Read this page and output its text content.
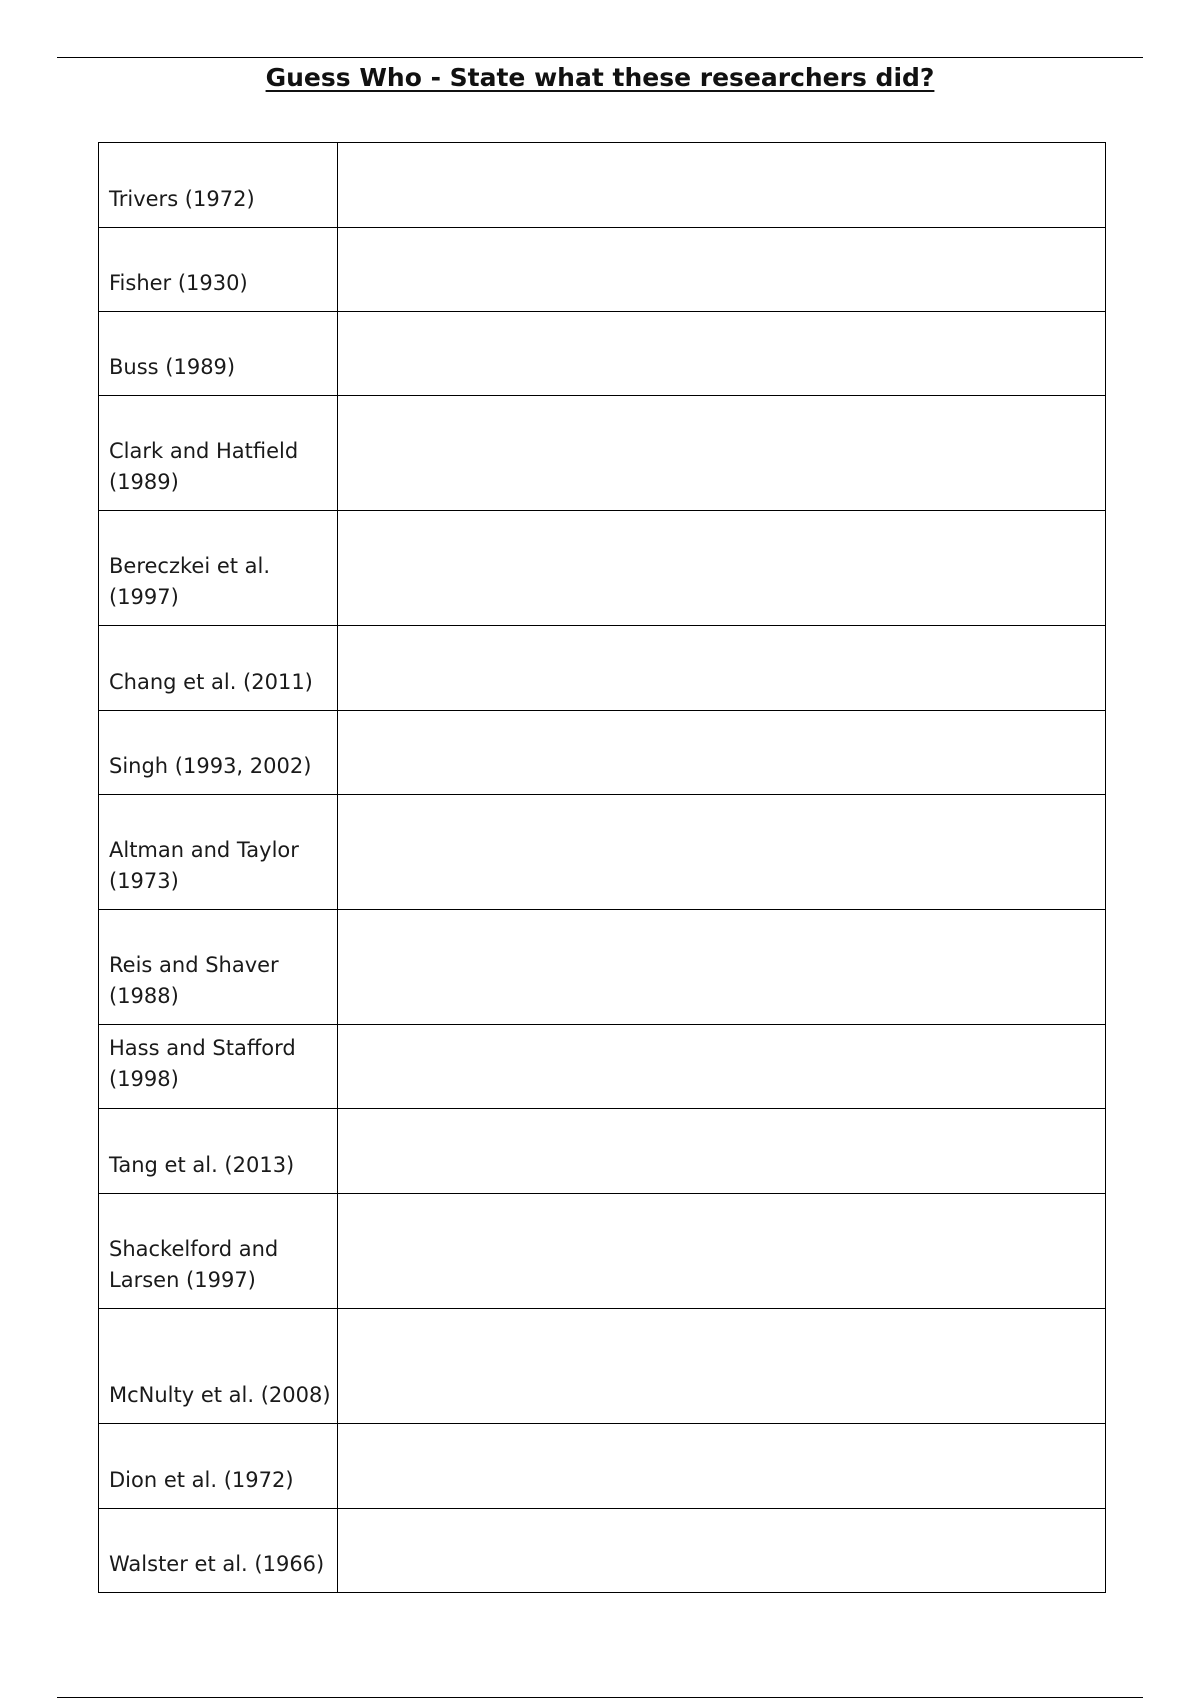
Guess Who - State what these researchers did?
Trivers (1972)	
Fisher (1930)	
Buss (1989)	
Clark and Hatfield (1989)	
Bereczkei et al. (1997)	
Chang et al. (2011)	
Singh (1993, 2002)	
Altman and Taylor (1973)	
Reis and Shaver (1988)	
Hass and Stafford (1998)	
Tang et al. (2013)	
Shackelford and Larsen (1997)	
McNulty et al. (2008)	
Dion et al. (1972)	
Walster et al. (1966)	
